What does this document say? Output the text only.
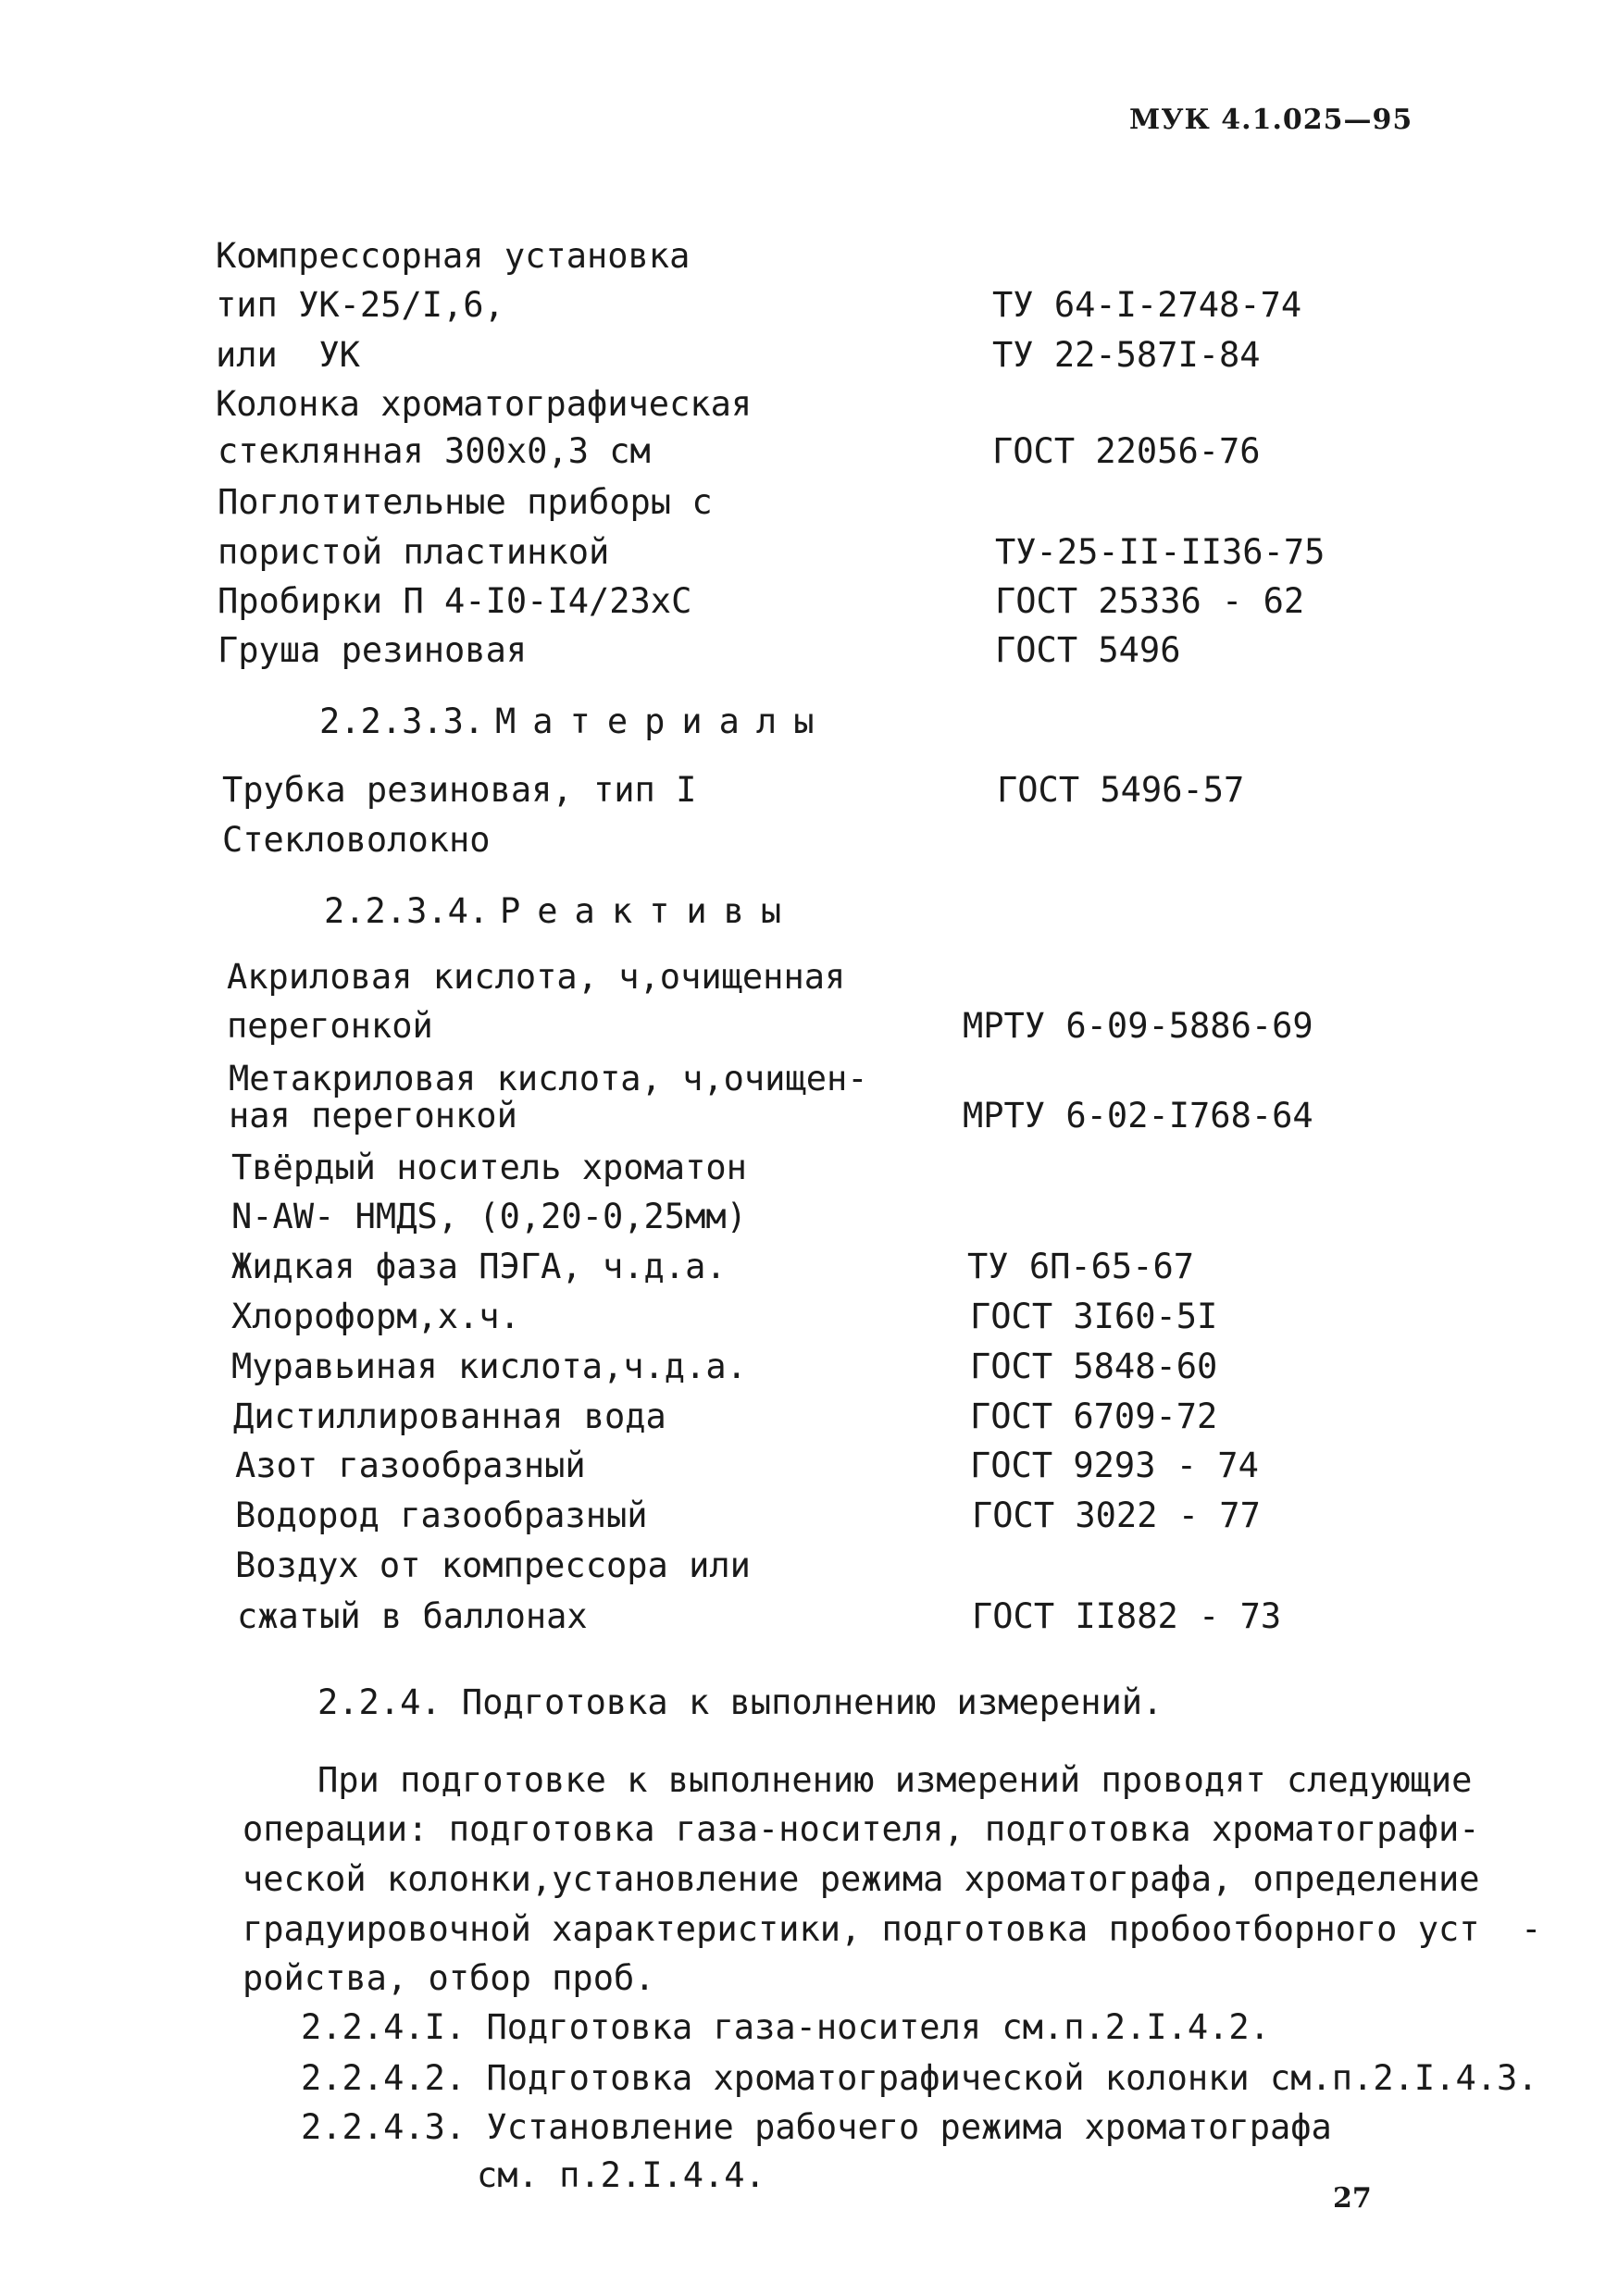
МУК 4.1.025—95
Компрессорная установка
тип УК-25/I,6,	ТУ 64-I-2748-74
или  УК	ТУ 22-587I-84
Колонка хроматографическая
стеклянная 300х0,3 см	ГОСТ 22056-76
Поглотительные приборы с
пористой пластинкой	ТУ-25-II-II36-75
Пробирки П 4-I0-I4/23хС	ГОСТ 25336 - 62
Груша резиновая	ГОСТ 5496
2.2.3.3. Материалы
Трубка резиновая, тип I	ГОСТ 5496-57
Стекловолокно
2.2.3.4. Реактивы
Акриловая кислота, ч,очищенная
перегонкой	МРТУ 6-09-5886-69
Метакриловая кислота, ч,очищен-
ная перегонкой	МРТУ 6-02-I768-64
Твёрдый носитель хроматон
N-AW- HMДS, (0,20-0,25мм)
Жидкая фаза ПЭГА, ч.д.а.	ТУ 6П-65-67
Хлороформ,х.ч.	ГОСТ 3I60-5I
Муравьиная кислота,ч.д.а.	ГОСТ 5848-60
Дистиллированная вода	ГОСТ 6709-72
Азот газообразный	ГОСТ 9293 - 74
Водород газообразный	ГОСТ 3022 - 77
Воздух от компрессора или
сжатый в баллонах	ГОСТ II882 - 73
2.2.4. Подготовка к выполнению измерений.
При подготовке к выполнению измерений проводят следующие
операции: подготовка газа-носителя, подготовка хроматографи-
ческой колонки,установление режима хроматографа, определение
градуировочной характеристики, подготовка пробоотборного уст  -
ройства, отбор проб.
2.2.4.I. Подготовка газа-носителя см.п.2.I.4.2.
2.2.4.2. Подготовка хроматографической колонки см.п.2.I.4.3.
2.2.4.3. Установление рабочего режима хроматографа
см. п.2.I.4.4.
27
